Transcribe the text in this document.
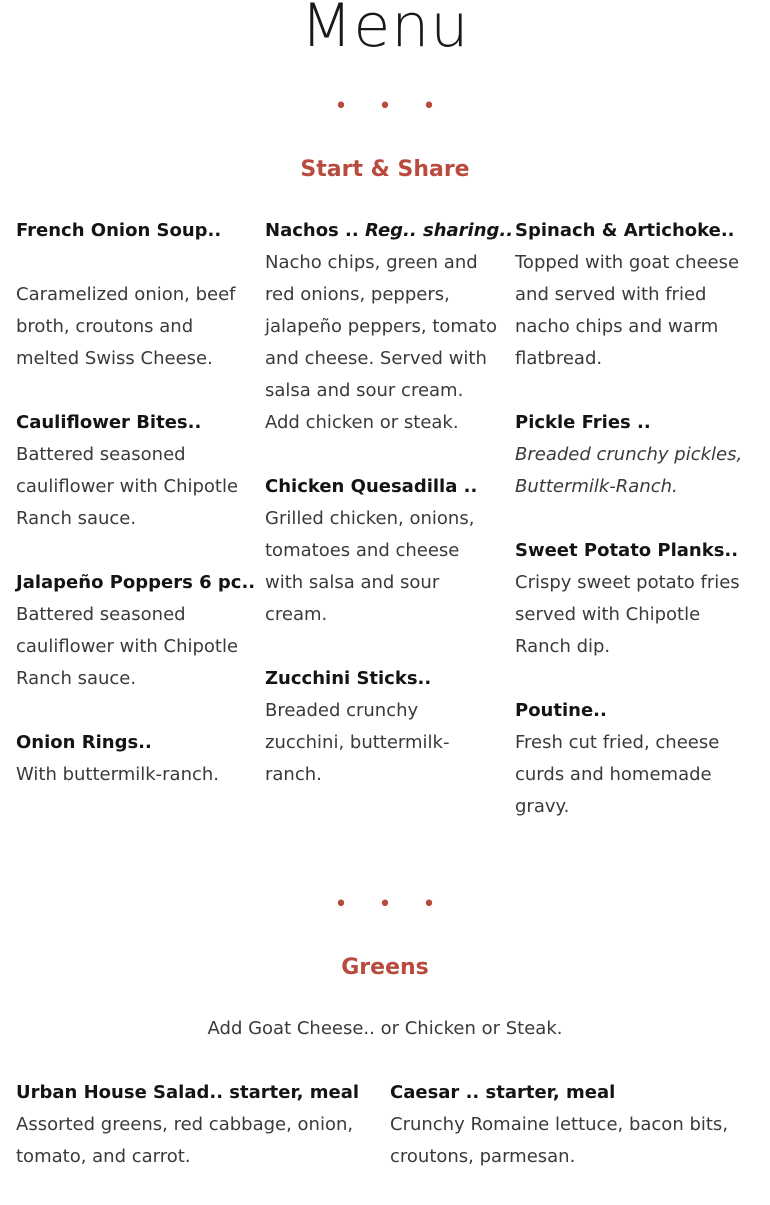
Menu
• • •
Start & Share
French Onion Soup..
Caramelized onion, beef broth, croutons and melted Swiss Cheese.
Cauliflower Bites..
Battered seasoned cauliflower with Chipotle Ranch sauce.
Jalapeño Poppers 6 pc..
Battered seasoned cauliflower with Chipotle Ranch sauce.
Onion Rings..
With buttermilk-ranch.
Nachos .. Reg.. sharing..
Nacho chips, green and red onions, peppers, jalapeño peppers, tomato and cheese. Served with salsa and sour cream. Add chicken or steak.
Chicken Quesadilla ..
Grilled chicken, onions, tomatoes and cheese with salsa and sour cream.
Zucchini Sticks..
Breaded crunchy zucchini, buttermilk-ranch.
Spinach & Artichoke..
Topped with goat cheese and served with fried nacho chips and warm flatbread.
Pickle Fries ..
Breaded crunchy pickles, Buttermilk-Ranch.
Sweet Potato Planks..
Crispy sweet potato fries served with Chipotle Ranch dip.
Poutine..
Fresh cut fried, cheese curds and homemade gravy.
• • •
Greens
Add Goat Cheese.. or Chicken or Steak.
Urban House Salad.. starter, meal
Assorted greens, red cabbage, onion, tomato, and carrot.
Caesar .. starter, meal
Crunchy Romaine lettuce, bacon bits, croutons, parmesan.
